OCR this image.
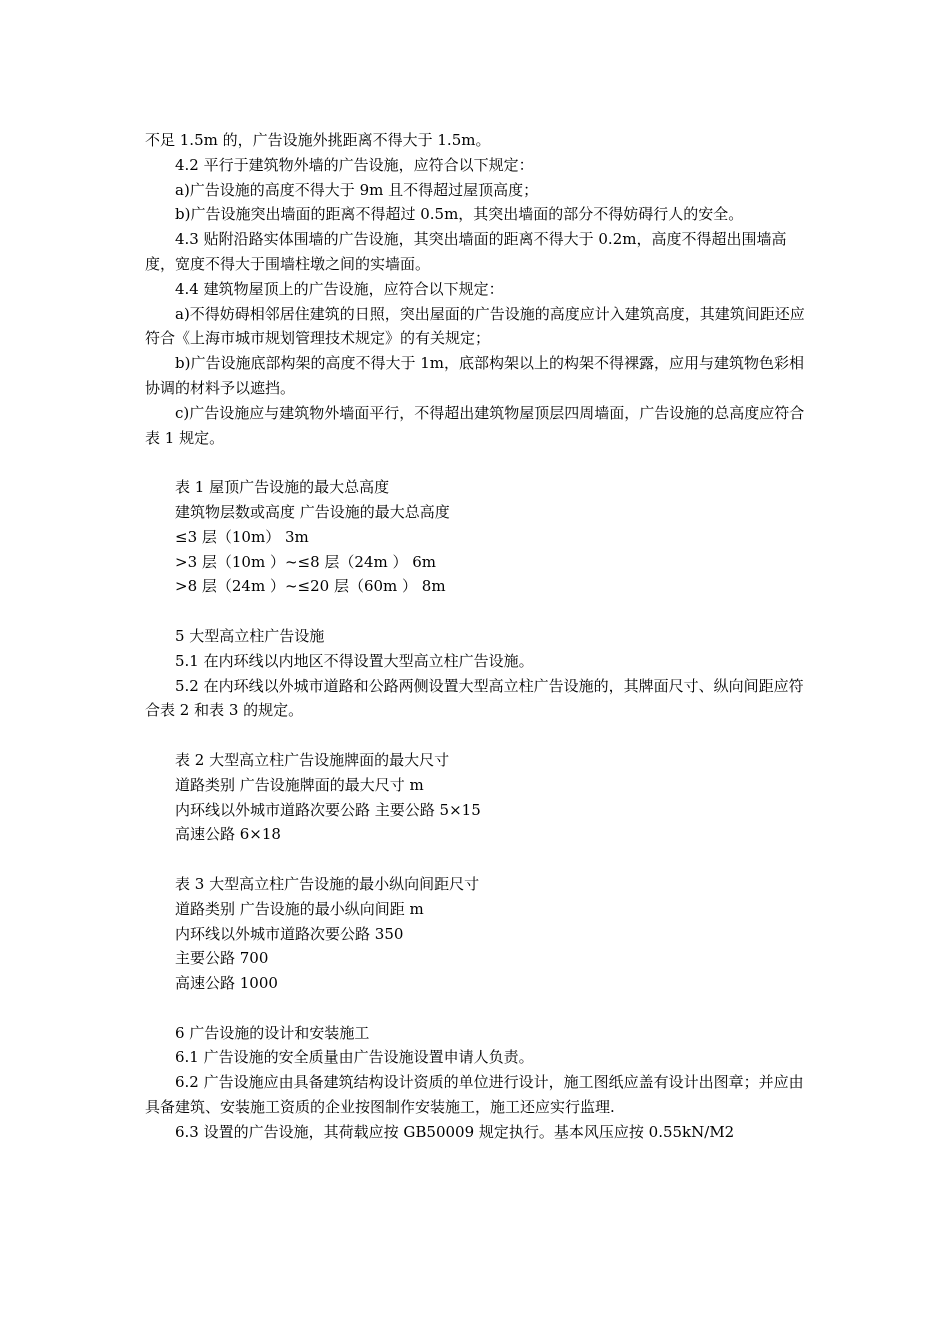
不足 1.5m 的，广告设施外挑距离不得大于 1.5m。
4.2 平行于建筑物外墙的广告设施，应符合以下规定：
a)广告设施的高度不得大于 9m 且不得超过屋顶高度；
b)广告设施突出墙面的距离不得超过 0.5m，其突出墙面的部分不得妨碍行人的安全。
4.3 贴附沿路实体围墙的广告设施，其突出墙面的距离不得大于 0.2m，高度不得超出围墙高度，宽度不得大于围墙柱墩之间的实墙面。
4.4 建筑物屋顶上的广告设施，应符合以下规定：
a)不得妨碍相邻居住建筑的日照，突出屋面的广告设施的高度应计入建筑高度，其建筑间距还应符合《上海市城市规划管理技术规定》的有关规定；
b)广告设施底部构架的高度不得大于 1m，底部构架以上的构架不得裸露，应用与建筑物色彩相协调的材料予以遮挡。
c)广告设施应与建筑物外墙面平行，不得超出建筑物屋顶层四周墙面，广告设施的总高度应符合表 1 规定。
表 1 屋顶广告设施的最大总高度
建筑物层数或高度 广告设施的最大总高度
≤3 层（10m） 3m
>3 层（10m ）~≤8 层（24m ） 6m
>8 层（24m ）~≤20 层（60m ） 8m
5 大型高立柱广告设施
5.1 在内环线以内地区不得设置大型高立柱广告设施。
5.2 在内环线以外城市道路和公路两侧设置大型高立柱广告设施的，其牌面尺寸、纵向间距应符合表 2 和表 3 的规定。
表 2 大型高立柱广告设施牌面的最大尺寸
道路类别 广告设施牌面的最大尺寸 m
内环线以外城市道路次要公路 主要公路 5×15
高速公路 6×18
表 3 大型高立柱广告设施的最小纵向间距尺寸
道路类别 广告设施的最小纵向间距 m
内环线以外城市道路次要公路 350
主要公路 700
高速公路 1000
6 广告设施的设计和安装施工
6.1 广告设施的安全质量由广告设施设置申请人负责。
6.2 广告设施应由具备建筑结构设计资质的单位进行设计，施工图纸应盖有设计出图章；并应由具备建筑、安装施工资质的企业按图制作安装施工，施工还应实行监理.
6.3 设置的广告设施，其荷载应按 GB50009 规定执行。基本风压应按 0.55kN/M2
